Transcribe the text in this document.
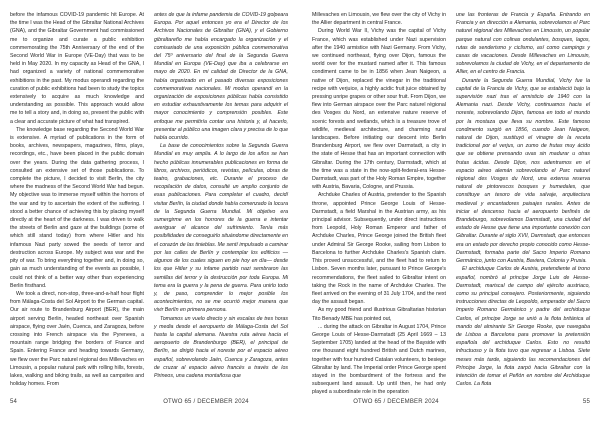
before the infamous COVID-19 pandemic hit Europe. At the time I was the Head of the Gibraltar National Archives (GNA), and the Gibraltar Government had commissioned me to organize and curate a public exhibition commemorating the 75th Anniversary of the end of the Second World War in Europe (VE-Day) that was to be held in May 2020. In my capacity as Head of the GNA, I had organized a variety of national commemorative exhibitions in the past. My modus operandi regarding the curation of public exhibitions had been to study the topics extensively to acquire as much knowledge and understanding as possible. This approach would allow me to tell a story and, in doing so, present the public with a clear and accurate picture of what had transpired.

The knowledge base regarding the Second World War is extensive. A myriad of publications in the form of books, archives, newspapers, magazines, films, plays, recordings, etc., have been placed in the public domain over the years. During the data gathering process, I consulted an extensive set of those publications. To complete the picture, I decided to visit Berlin, the city where the madness of the Second World War had begun. My objective was to immerse myself within the horrors of the war and try to ascertain the extent of the suffering. I stood a better chance of achieving this by placing myself directly at the heart of the darkness. I was driven to walk the streets of Berlin and gaze at the buildings (some of which still stand today) from where Hitler and his infamous Nazi party sowed the seeds of terror and destruction across Europe. My subject was war and the pity of war. To bring everything together and, in doing so, gain as much understanding of the events as possible, I could not think of a better way other than experiencing Berlin firsthand.

We took a direct, non-stop, three-and-a-half hour flight from Málaga-Costa del Sol Airport to the German capital. Our air route to Brandenburg Airport (BER), the main airport serving Berlin, headed northeast over Spanish airspace, flying over Jaén, Cuenca, and Zaragoza, before crossing into French airspace via the Pyrenees, a mountain range bridging the borders of France and Spain. Entering France and heading towards Germany, we flew over the Parc naturel régional des Millevaches en Limousin, a popular natural park with rolling hills, forests, lakes, walking and biking trails, as well as campsites and holiday homes. From

antes de que la infame pandemia de COVID-19 golpeara Europa. Por aquel entonces yo era el Director de los Archivos Nacionales de Gibraltar (GNA), y el Gobierno gibraltareño me había encargado la organización y el comisariado de una exposición pública conmemorativa del 75º aniversario del final de la Segunda Guerra Mundial en Europa (VE-Day) que iba a celebrarse en mayo de 2020. En mi calidad de Director de la GNA, había organizado en el pasado diversas exposiciones conmemorativas nacionales. Mi modus operandi en la organización de exposiciones públicas había consistido en estudiar exhaustivamente los temas para adquirir el mayor conocimiento y comprensión posibles. Este enfoque me permitiría contar una historia y, al hacerlo, presentar al público una imagen clara y precisa de lo que había ocurrido.

La base de conocimientos sobre la Segunda Guerra Mundial es muy amplia. A lo largo de los años se han hecho públicas innumerables publicaciones en forma de libros, archivos, periódicos, revistas, películas, obras de teatro, grabaciones, etc. Durante el proceso de recopilación de datos, consulté un amplio conjunto de esas publicaciones. Para completar el cuadro, decidí visitar Berlín, la ciudad donde había comenzado la locura de la Segunda Guerra Mundial. Mi objetivo era sumergirme en los horrores de la guerra e intentar averiguar el alcance del sufrimiento. Tenía más posibilidades de conseguirlo situándome directamente en el corazón de las tinieblas. Me sentí impulsado a caminar por las calles de Berlín y contemplar los edificios —algunos de los cuales siguen en pie hoy en día— desde los que Hitler y su infame partido nazi sembraron las semillas del terror y la destrucción por toda Europa. Mi tema era la guerra y la pena de guerra. Para unirlo todo y, de paso, comprender lo mejor posible los acontecimientos, no se me ocurrió mejor manera que vivir Berlín en primera persona.

Tomamos un vuelo directo y sin escalas de tres horas y media desde el aeropuerto de Málaga-Costa del Sol hasta la capital alemana. Nuestra ruta aérea hacia el aeropuerto de Brandenburgo (BER), el principal de Berlín, se dirigió hacia el noreste por el espacio aéreo español, sobrevolando Jaén, Cuenca y Zaragoza, antes de cruzar al espacio aéreo francés a través de los Pirineos, una cadena montañosa que

Millevaches en Limousin, we flew over the city of Vichy in the Allier department in central France.

During World War II, Vichy was the capital of Vichy France, which was established under Nazi supervision after the 1940 armistice with Nazi Germany. From Vichy, we continued northeast, flying over Dijon, famous the world over for the mustard named after it. This famous condiment came to be in 1856 when Jean Naigeon, a native of Dijon, replaced the vinegar in the traditional recipe with verjuice, a highly acidic fruit juice obtained by pressing unripe grapes or other sour fruit. From Dijon, we flew into German airspace over the Parc naturel régional des Vosges du Nord, an extensive nature reserve of scenic forests and wetlands, which is a treasure trove of wildlife, medieval architecture, and charming rural landscapes. Before initiating our descent into Berlin Brandenburg Airport, we flew over Darmstadt, a city in the state of Hesse that has an important connection with Gibraltar. During the 17th century, Darmstadt, which at the time was a state in the now-split-federal-era Hesse-Darmstadt, was part of the Holy Roman Empire, together with Austria, Bavaria, Cologne, and Prussia.

Archduke Charles of Austria, pretender to the Spanish throne, appointed Prince George Louis of Hesse-Darmstadt, a field Marshal in the Austrian army, as his principal advisor. Subsequently, under direct instructions from Leopold, Holy Roman Emperor and father of Archduke Charles, Prince George joined the British fleet under Admiral Sir George Rooke, sailing from Lisbon to Barcelona to further Archduke Charles's Spanish claim. This proved unsuccessful, and the fleet had to return to Lisbon. Seven months later, pursuant to Prince George's recommendations, the fleet sailed to Gibraltar intent on taking the Rock in the name of Archduke Charles. The fleet arrived on the evening of 31 July 1704, and the next day the assault began.

As my good friend and illustrious Gibraltarian historian Tito Benady MBE has pointed out,

... during the attack on Gibraltar in August 1704, Prince George Louis of Hesse-Darmstadt (25 April 1669 – 13 September 1705) landed at the head of the Bayside with one thousand eight hundred British and Dutch marines, together with four hundred Catalan volunteers, to besiege Gibraltar by land. The Imperial order Prince George spent stayed in the bombardment of the fortress and the subsequent land assault. Up until then, he had only played a subordinate role in the operation

une las fronteras de Francia y España. Entrando en Francia y en dirección a Alemania, sobrevolamos el Parc naturel régional des Millevaches en Limousin, un popular parque natural con colinas ondulantes, bosques, lagos, rutas de senderismo y ciclismo, así como campings y casas de vacaciones. Desde Millevaches en Limousin, sobrevolamos la ciudad de Vichy, en el departamento de Allier, en el centro de Francia.

Durante la Segunda Guerra Mundial, Vichy fue la capital de la Francia de Vichy, que se estableció bajo la supervisión nazi tras el armisticio de 1940 con la Alemania nazi. Desde Vichy, continuamos hacia el noreste, sobrevolando Dijon, famosa en todo el mundo por la mostaza que lleva su nombre. Este famoso condimento surgió en 1856, cuando Jean Naigeon, natural de Dijon, sustituyó el vinagre de la receta tradicional por el verjus, un zumo de frutas muy ácido que se obtiene prensando uvas sin madurar u otras frutas ácidas. Desde Dijon, nos adentramos en el espacio aéreo alemán sobrevolando el Parc naturel régional des Vosges du Nord, una extensa reserva natural de pintorescos bosques y humedales, que constituye un tesoro de vida salvaje, arquitectura medieval y encantadores paisajes rurales. Antes de iniciar el descenso hacia el aeropuerto berlinés de Brandeburgo, sobrevolamos Darmstadt, una ciudad del estado de Hesse que tiene una importante conexión con Gibraltar. Durante el siglo XVII, Darmstadt, que entonces era un estado por derecho propio conocido como Hesse-Darmstadt, formaba parte del Sacro Imperio Romano Germánico, junto con Austria, Baviera, Colonia y Prusia.

El archiduque Carlos de Austria, pretendiente al trono español, nombró al príncipe Jorge Luis de Hesse-Darmstadt, mariscal de campo del ejército austriaco, como su principal consejero. Posteriormente, siguiendo instrucciones directas de Leopoldo, emperador del Sacro Imperio Romano Germánico y padre del archiduque Carlos, el príncipe Jorge se unió a la flota británica al mando del almirante Sir George Rooke, que navegaba de Lisboa a Barcelona para promover la pretensión española del archiduque Carlos. Esto no resultó infructuoso y la flota tuvo que regresar a Lisboa. Siete meses más tarde, siguiendo las recomendaciones del Príncipe Jorge, la flota zarpó hacia Gibraltar con la intención de tomar el Peñón en nombre del Archiduque Carlos. La flota

54	OTWO 65 / DECEMBER 2024	OTWO 65 / DECEMBER 2024	55
